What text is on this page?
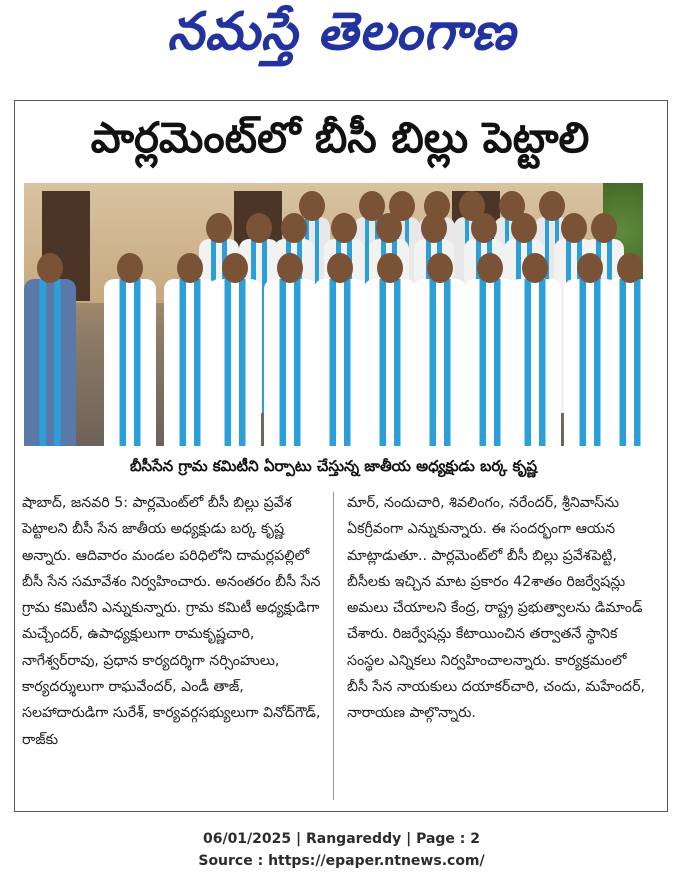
నమస్తే తెలంగాణ
పార్లమెంట్‌లో బీసీ బిల్లు పెట్టాలి
బీసీసేన గ్రామ కమిటీని ఏర్పాటు చేస్తున్న జాతీయ అధ్యక్షుడు బర్క కృష్ణ

షాబాద్, జనవరి 5: పార్లమెంట్‌లో బీసీ బిల్లు ప్రవేశ పెట్టాలని బీసీ సేన జాతీయ అధ్యక్షుడు బర్క కృష్ణ అన్నారు. ఆదివారం మండల పరిధిలోని దామర్లపల్లిలో బీసీ సేన సమావేశం నిర్వహించారు. అనంతరం బీసీ సేన గ్రామ కమిటీని ఎన్నుకున్నారు. గ్రామ కమిటీ అధ్యక్షుడిగా మచ్చేందర్, ఉపాధ్యక్షులుగా రామకృష్ణచారి, నాగేశ్వర్‌రావు, ప్రధాన కార్యదర్శిగా నర్సింహులు, కార్యదర్శులుగా రాఘవేందర్, ఎండీ తాజ్, సలహాదారుడిగా సురేశ్, కార్యవర్గసభ్యులుగా వినోద్‌గౌడ్, రాజ్‌కు

మార్, నందుచారి, శివలింగం, నరేందర్, శ్రీనివాస్‌ను ఏకగ్రీవంగా ఎన్నుకున్నారు. ఈ సందర్భంగా ఆయన మాట్లాడుతూ.. పార్లమెంట్‌లో బీసీ బిల్లు ప్రవేశపెట్టి, బీసీలకు ఇచ్చిన మాట ప్రకారం 42శాతం రిజర్వేషన్లు అమలు చేయాలని కేంద్ర, రాష్ట్ర ప్రభుత్వాలను డిమాండ్ చేశారు. రిజర్వేషన్లు కేటాయించిన తర్వాతనే స్థానిక సంస్థల ఎన్నికలు నిర్వహించాలన్నారు. కార్యక్రమంలో బీసీ సేన నాయకులు దయాకర్‌చారి, చందు, మహేందర్, నారాయణ పాల్గొన్నారు.

06/01/2025 | Rangareddy | Page : 2
Source : https://epaper.ntnews.com/
